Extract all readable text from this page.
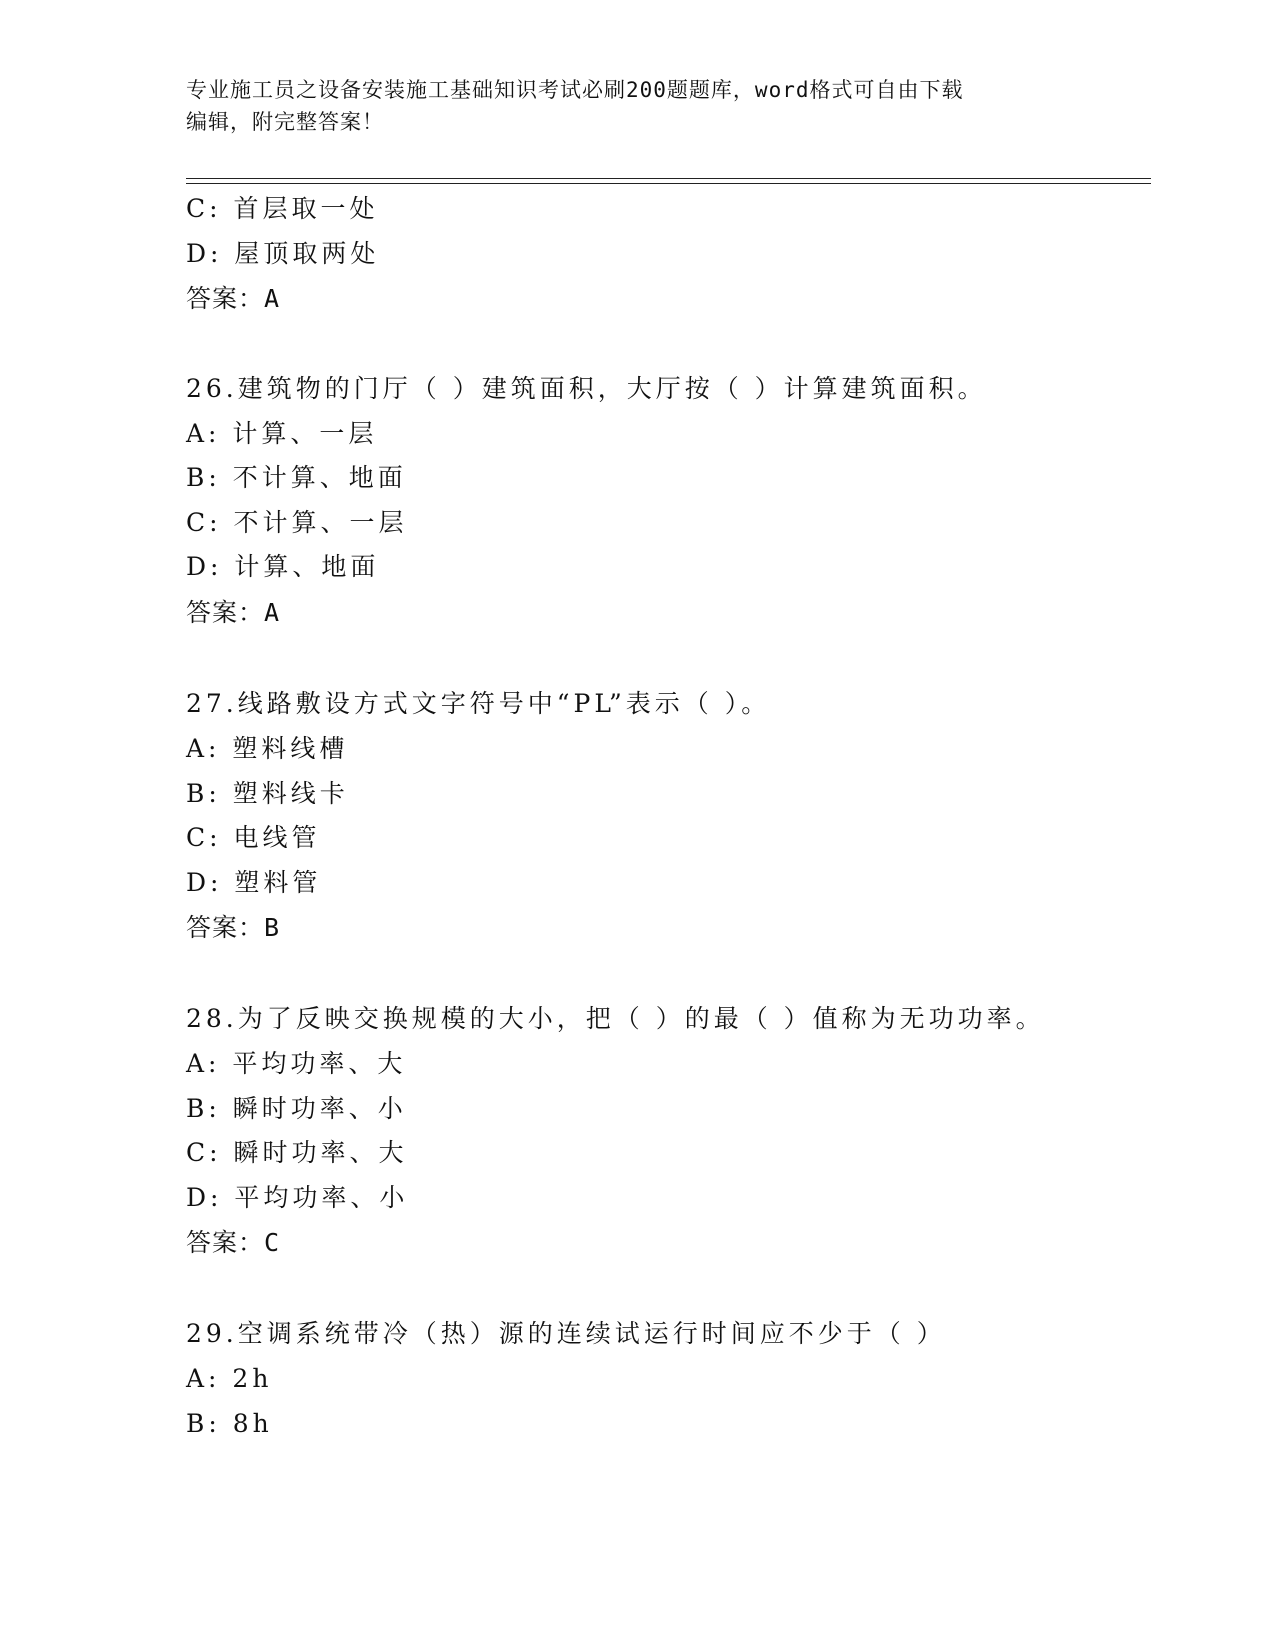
专业施工员之设备安装施工基础知识考试必刷200题题库，word格式可自由下载
编辑，附完整答案！
C: 首层取一处
D: 屋顶取两处
答案：A
26.建筑物的门厅（ ）建筑面积，大厅按（ ）计算建筑面积。
A: 计算、一层
B: 不计算、地面
C: 不计算、一层
D: 计算、地面
答案：A
27.线路敷设方式文字符号中“PL”表示（ ）。
A: 塑料线槽
B: 塑料线卡
C: 电线管
D: 塑料管
答案：B
28.为了反映交换规模的大小，把（ ）的最（ ）值称为无功功率。
A: 平均功率、大
B: 瞬时功率、小
C: 瞬时功率、大
D: 平均功率、小
答案：C
29.空调系统带冷（热）源的连续试运行时间应不少于（ ）
A: 2h
B: 8h
